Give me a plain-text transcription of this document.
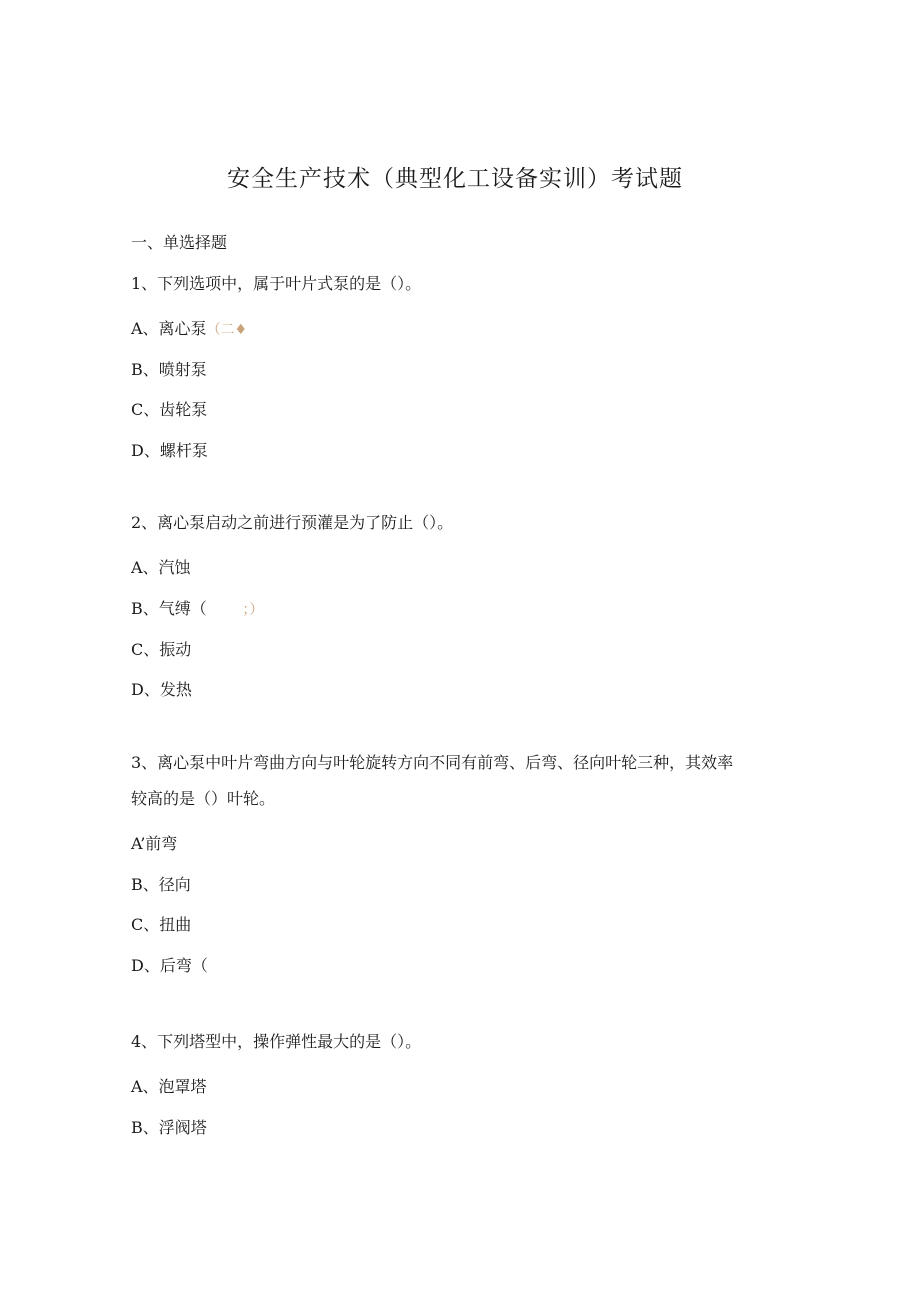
安全生产技术（典型化工设备实训）考试题
一、单选择题
1、下列选项中，属于叶片式泵的是（）。
A、离心泵（二♦
B、喷射泵
C、齿轮泵
D、螺杆泵
2、离心泵启动之前进行预灌是为了防止（）。
A、汽蚀
B、气缚（        ；）
C、振动
D、发热
3、离心泵中叶片弯曲方向与叶轮旋转方向不同有前弯、后弯、径向叶轮三种，其效率
较高的是（）叶轮。
A’前弯
B、径向
C、扭曲
D、后弯（
4、下列塔型中，操作弹性最大的是（）。
A、泡罩塔
B、浮阀塔
